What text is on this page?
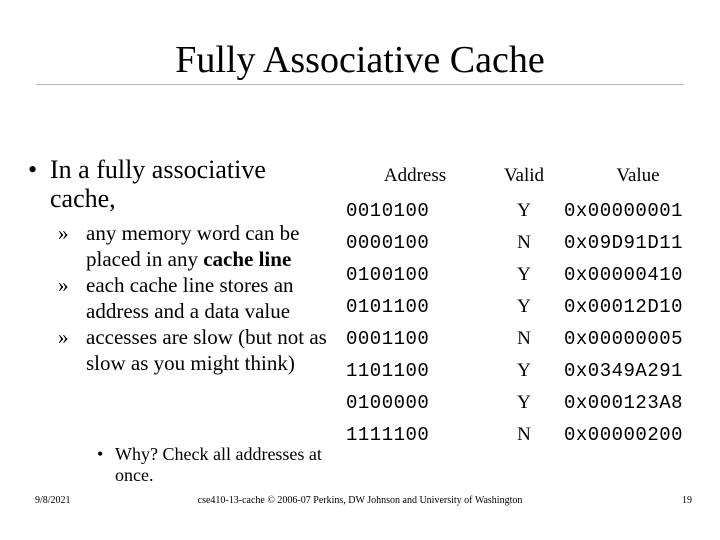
Fully Associative Cache
• In a fully associative cache,
» any memory word can be placed in any cache line
» each cache line stores an address and a data value
» accesses are slow (but not as slow as you might think)
• Why? Check all addresses at once.
Address	Valid	Value
0010100	Y	0x00000001
0000100	N	0x09D91D11
0100100	Y	0x00000410
0101100	Y	0x00012D10
0001100	N	0x00000005
1101100	Y	0x0349A291
0100000	Y	0x000123A8
1111100	N	0x00000200
9/8/2021	cse410-13-cache © 2006-07 Perkins, DW Johnson and University of Washington	19
